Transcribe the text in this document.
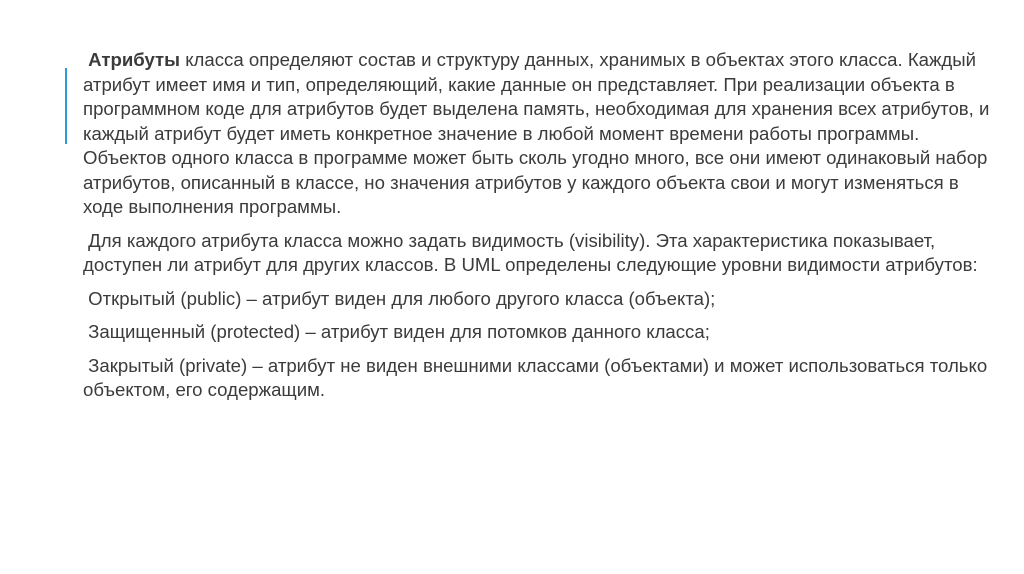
Атрибуты класса определяют состав и структуру данных, хранимых в объектах этого класса. Каждый атрибут имеет имя и тип, определяющий, какие данные он представляет. При реализации объекта в программном коде для атрибутов будет выделена память, необходимая для хранения всех атрибутов, и каждый атрибут будет иметь конкретное значение в любой момент времени работы программы. Объектов одного класса в программе может быть сколь угодно много, все они имеют одинаковый набор атрибутов, описанный в классе, но значения атрибутов у каждого объекта свои и могут изменяться в ходе выполнения программы.

Для каждого атрибута класса можно задать видимость (visibility). Эта характеристика показывает, доступен ли атрибут для других классов. В UML определены следующие уровни видимости атрибутов:

Открытый (public) – атрибут виден для любого другого класса (объекта);

Защищенный (protected) – атрибут виден для потомков данного класса;

Закрытый (private) – атрибут не виден внешними классами (объектами) и может использоваться только объектом, его содержащим.
